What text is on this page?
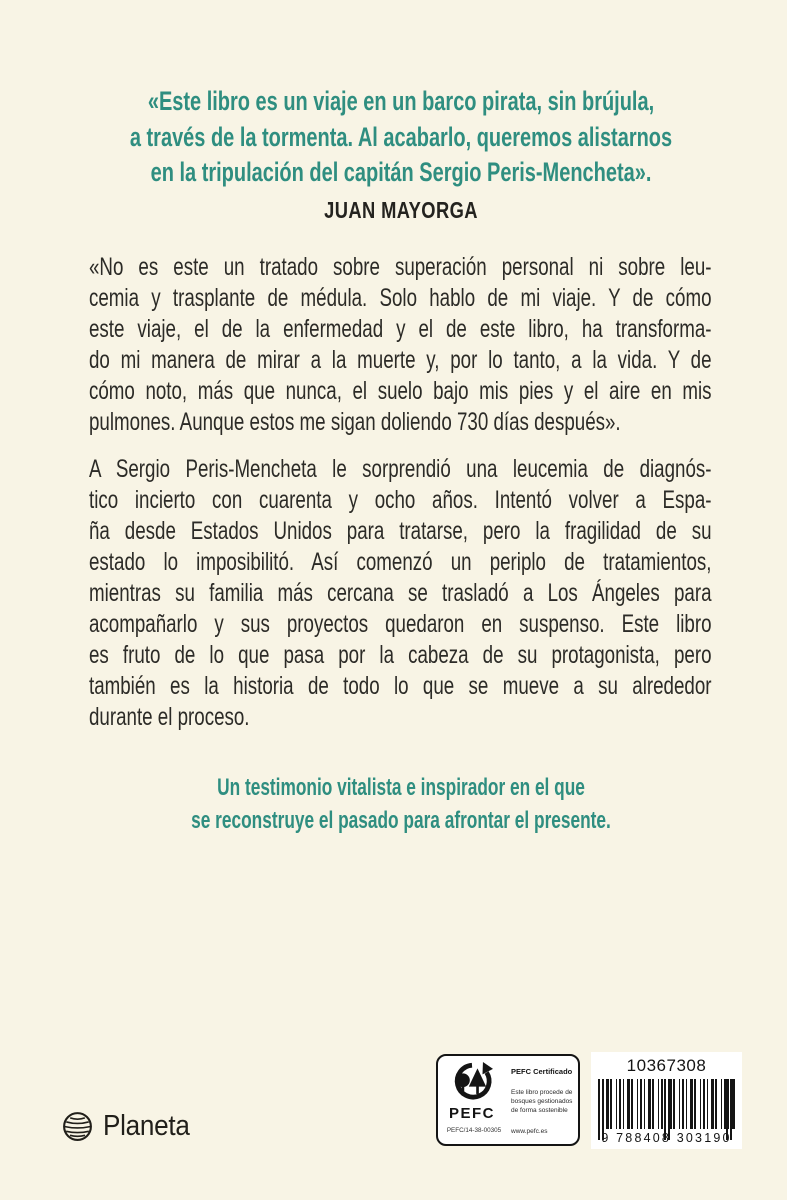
«Este libro es un viaje en un barco pirata, sin brújula,
a través de la tormenta. Al acabarlo, queremos alistarnos
en la tripulación del capitán Sergio Peris-Mencheta».
JUAN MAYORGA
«No es este un tratado sobre superación personal ni sobre leu-
cemia y trasplante de médula. Solo hablo de mi viaje. Y de cómo
este viaje, el de la enfermedad y el de este libro, ha transforma-
do mi manera de mirar a la muerte y, por lo tanto, a la vida. Y de
cómo noto, más que nunca, el suelo bajo mis pies y el aire en mis
pulmones. Aunque estos me sigan doliendo 730 días después».
A Sergio Peris-Mencheta le sorprendió una leucemia de diagnós-
tico incierto con cuarenta y ocho años. Intentó volver a Espa-
ña desde Estados Unidos para tratarse, pero la fragilidad de su
estado lo imposibilitó. Así comenzó un periplo de tratamientos,
mientras su familia más cercana se trasladó a Los Ángeles para
acompañarlo y sus proyectos quedaron en suspenso. Este libro
es fruto de lo que pasa por la cabeza de su protagonista, pero
también es la historia de todo lo que se mueve a su alrededor
durante el proceso.
Un testimonio vitalista e inspirador en el que
se reconstruye el pasado para afrontar el presente.
Planeta	PEFC
PEFC/14-38-00305
PEFC Certificado
Este libro procede de
bosques gestionados
de forma sostenible
www.pefc.es
10367308
9 788408 303190
